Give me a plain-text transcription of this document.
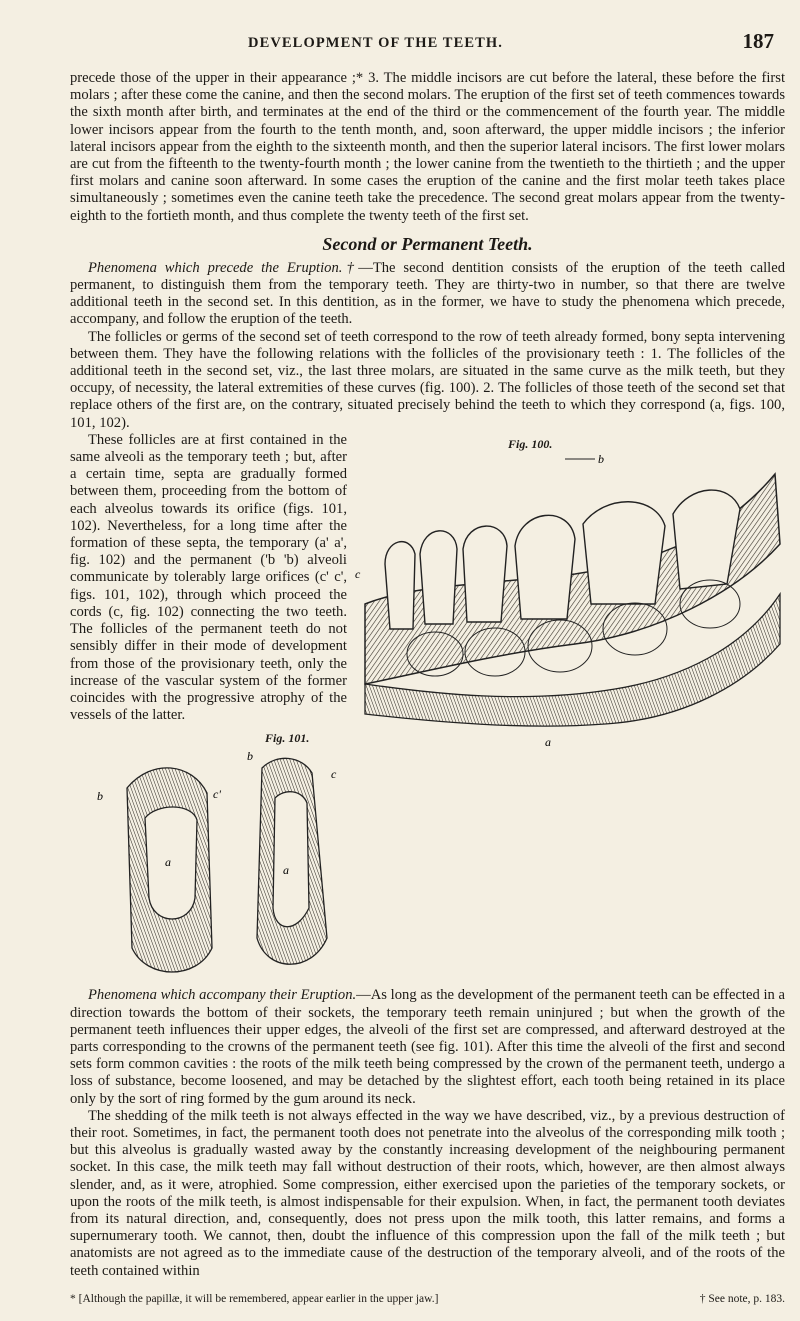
DEVELOPMENT OF THE TEETH.	187

precede those of the upper in their appearance ;* 3. The middle incisors are cut before the lateral, these before the first molars ; after these come the canine, and then the second molars. The eruption of the first set of teeth commences towards the sixth month after birth, and terminates at the end of the third or the commencement of the fourth year. The middle lower incisors appear from the fourth to the tenth month, and, soon afterward, the upper middle incisors ; the inferior lateral incisors appear from the eighth to the sixteenth month, and then the superior lateral incisors. The first lower molars are cut from the fifteenth to the twenty-fourth month ; the lower canine from the twentieth to the thirtieth ; and the upper first molars and canine soon afterward. In some cases the eruption of the canine and the first molar teeth takes place simultaneously ; sometimes even the canine teeth take the precedence. The second great molars appear from the twenty-eighth to the fortieth month, and thus complete the twenty teeth of the first set.

Second or Permanent Teeth.

Phenomena which precede the Eruption.†—The second dentition consists of the eruption of the teeth called permanent, to distinguish them from the temporary teeth. They are thirty-two in number, so that there are twelve additional teeth in the second set. In this dentition, as in the former, we have to study the phenomena which precede, accompany, and follow the eruption of the teeth.

The follicles or germs of the second set of teeth correspond to the row of teeth already formed, bony septa intervening between them. They have the following relations with the follicles of the provisionary teeth : 1. The follicles of the additional teeth in the second set, viz., the last three molars, are situated in the same curve as the milk teeth, but they occupy, of necessity, the lateral extremities of these curves (fig. 100). 2. The follicles of those teeth of the second set that replace others of the first are, on the contrary, situated precisely behind the teeth to which they correspond (a, figs. 100, 101, 102).

Fig. 100.
b
c
a

These follicles are at first contained in the same alveoli as the temporary teeth ; but, after a certain time, septa are gradually formed between them, proceeding from the bottom of each alveolus towards its orifice (figs. 101, 102). Nevertheless, for a long time after the formation of these septa, the temporary (a' a', fig. 102) and the permanent ('b 'b) alveoli communicate by tolerably large orifices (c' c', figs. 101, 102), through which proceed the cords (c, fig. 102) connecting the two teeth. The follicles of the permanent teeth do not sensibly differ in their mode of development from those of the provisionary teeth, only the increase of the vascular system of the former coincides with the progressive atrophy of the vessels of the latter.

Fig. 101.
b
b
c
c'
a
a
Phenomena which accompany their Eruption.—As long as the development of the permanent teeth can be effected in a direction towards the bottom of their sockets, the temporary teeth remain uninjured ; but when the growth of the permanent teeth influences their upper edges, the alveoli of the first set are compressed, and afterward destroyed at the parts corresponding to the crowns of the permanent teeth (see fig. 101). After this time the alveoli of the first and second sets form common cavities : the roots of the milk teeth being compressed by the crown of the permanent teeth, undergo a loss of substance, become loosened, and may be detached by the slightest effort, each tooth being retained in its place only by the sort of ring formed by the gum around its neck.

The shedding of the milk teeth is not always effected in the way we have described, viz., by a previous destruction of their root. Sometimes, in fact, the permanent tooth does not penetrate into the alveolus of the corresponding milk tooth ; but this alveolus is gradually wasted away by the constantly increasing development of the neighbouring permanent socket. In this case, the milk teeth may fall without destruction of their roots, which, however, are then almost always slender, and, as it were, atrophied. Some compression, either exercised upon the parieties of the temporary sockets, or upon the roots of the milk teeth, is almost indispensable for their expulsion. When, in fact, the permanent tooth deviates from its natural direction, and, consequently, does not press upon the milk tooth, this latter remains, and forms a supernumerary tooth. We cannot, then, doubt the influence of this compression upon the fall of the milk teeth ; but anatomists are not agreed as to the immediate cause of the destruction of the temporary alveoli, and of the roots of the teeth contained within

* [Although the papillæ, it will be remembered, appear earlier in the upper jaw.]	† See note, p. 183.
